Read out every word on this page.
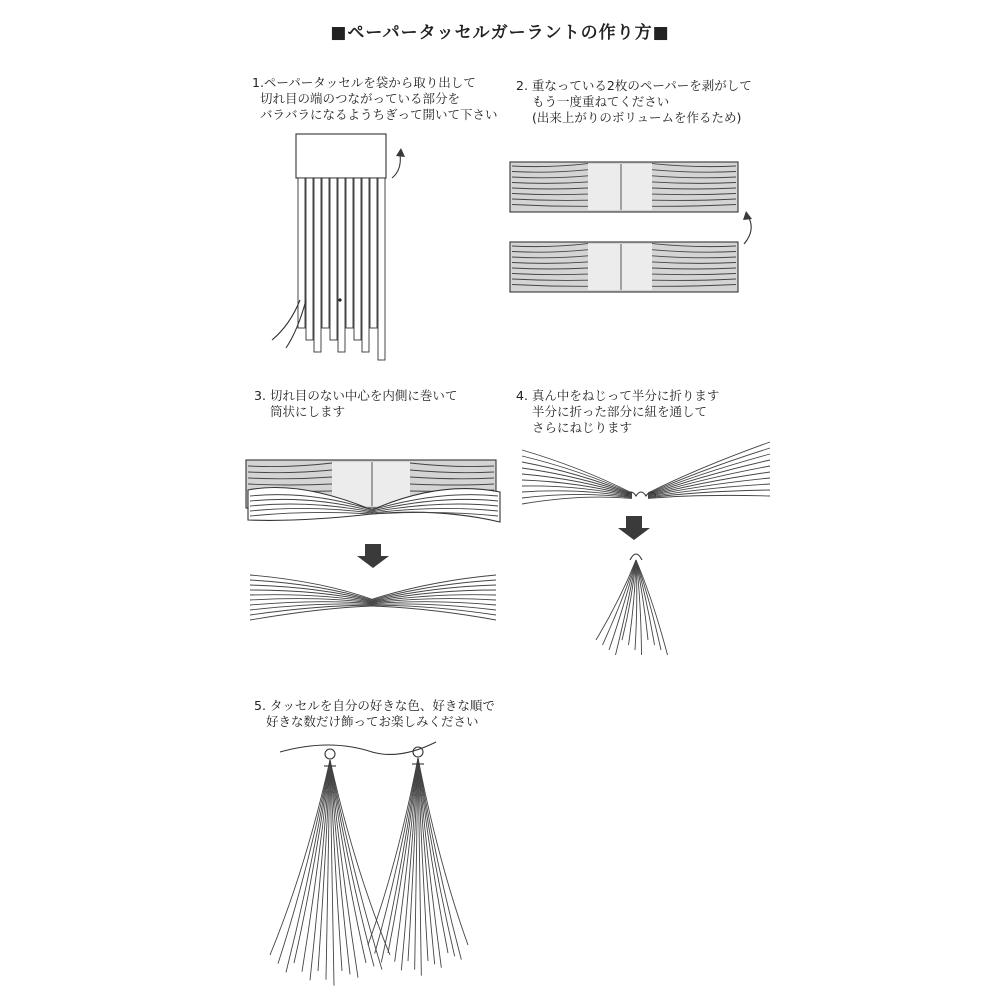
■ペーパータッセルガーラントの作り方■
1.ペーパータッセルを袋から取り出して
切れ目の端のつながっている部分を
バラバラになるようちぎって開いて下さい
2. 重なっている2枚のペーパーを剥がして
もう一度重ねてください
(出来上がりのボリュームを作るため)
3. 切れ目のない中心を内側に巻いて
筒状にします
4. 真ん中をねじって半分に折ります
半分に折った部分に紐を通して
さらにねじります
5. タッセルを自分の好きな色、好きな順で
好きな数だけ飾ってお楽しみください
